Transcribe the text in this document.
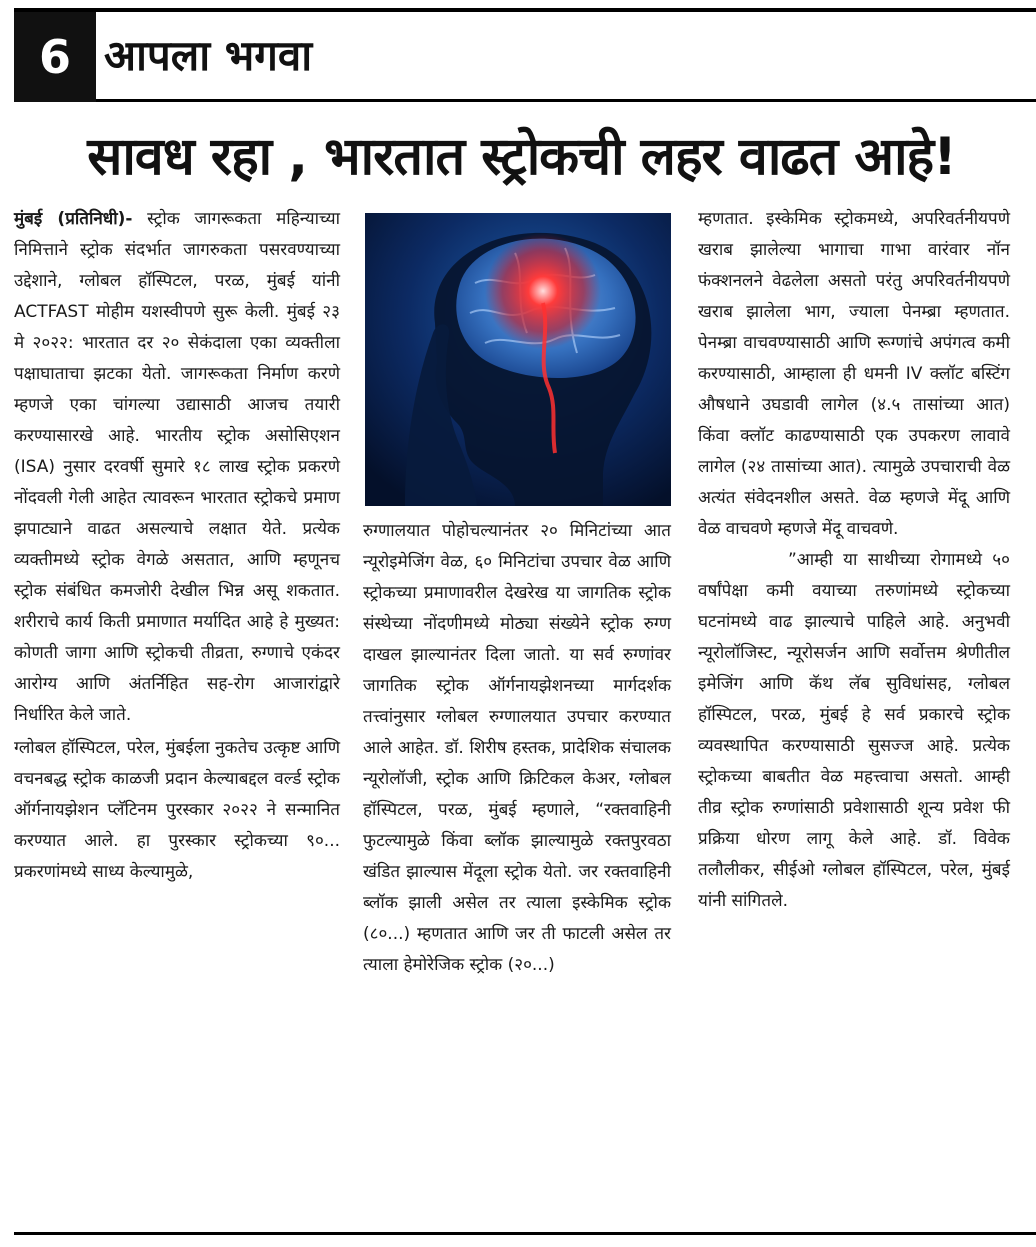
6 आपला भगवा
सावध रहा , भारतात स्ट्रोकची लहर वाढत आहे!

मुंबई (प्रतिनिधी)- स्ट्रोक जागरूकता महिन्याच्या निमित्ताने स्ट्रोक संदर्भात जागरुकता पसरवण्याच्या उद्देशाने, ग्लोबल हॉस्पिटल, परळ, मुंबई यांनी ACTFAST मोहीम यशस्वीपणे सुरू केली. मुंबई २३ मे २०२२: भारतात दर २० सेकंदाला एका व्यक्तीला पक्षाघाताचा झटका येतो. जागरूकता निर्माण करणे म्हणजे एका चांगल्या उद्यासाठी आजच तयारी करण्यासारखे आहे. भारतीय स्ट्रोक असोसिएशन (ISA) नुसार दरवर्षी सुमारे १८ लाख स्ट्रोक प्रकरणे नोंदवली गेली आहेत त्यावरून भारतात स्ट्रोकचे प्रमाण झपाट्याने वाढत असल्याचे लक्षात येते. प्रत्येक व्यक्तीमध्ये स्ट्रोक वेगळे असतात, आणि म्हणूनच स्ट्रोक संबंधित कमजोरी देखील भिन्न असू शकतात. शरीराचे कार्य किती प्रमाणात मर्यादित आहे हे मुख्यत: कोणती जागा आणि स्ट्रोकची तीव्रता, रुग्णाचे एकंदर आरोग्य आणि अंतर्निहित सह-रोग आजारांद्वारे निर्धारित केले जाते.

ग्लोबल हॉस्पिटल, परेल, मुंबईला नुकतेच उत्कृष्ट आणि वचनबद्ध स्ट्रोक काळजी प्रदान केल्याबद्दल वर्ल्ड स्ट्रोक ऑर्गनायझेशन प्लॅटिनम पुरस्कार २०२२ ने सन्मानित करण्यात आले. हा पुरस्कार स्ट्रोकच्या ९०... प्रकरणांमध्ये साध्य केल्यामुळे,

रुग्णालयात पोहोचल्यानंतर २० मिनिटांच्या आत न्यूरोइमेजिंग वेळ, ६० मिनिटांचा उपचार वेळ आणि स्ट्रोकच्या प्रमाणावरील देखरेख या जागतिक स्ट्रोक संस्थेच्या नोंदणीमध्ये मोठ्या संख्येने स्ट्रोक रुग्ण दाखल झाल्यानंतर दिला जातो. या सर्व रुग्णांवर जागतिक स्ट्रोक ऑर्गनायझेशनच्या मार्गदर्शक तत्त्वांनुसार ग्लोबल रुग्णालयात उपचार करण्यात आले आहेत. डॉ. शिरीष हस्तक, प्रादेशिक संचालक न्यूरोलॉजी, स्ट्रोक आणि क्रिटिकल केअर, ग्लोबल हॉस्पिटल, परळ, मुंबई म्हणाले, “रक्तवाहिनी फुटल्यामुळे किंवा ब्लॉक झाल्यामुळे रक्तपुरवठा खंडित झाल्यास मेंदूला स्ट्रोक येतो. जर रक्तवाहिनी ब्लॉक झाली असेल तर त्याला इस्केमिक स्ट्रोक (८०...) म्हणतात आणि जर ती फाटली असेल तर त्याला हेमोरेजिक स्ट्रोक (२०...)

म्हणतात. इस्केमिक स्ट्रोकमध्ये, अपरिवर्तनीयपणे खराब झालेल्या भागाचा गाभा वारंवार नॉन फंक्शनलने वेढलेला असतो परंतु अपरिवर्तनीयपणे खराब झालेला भाग, ज्याला पेनम्ब्रा म्हणतात. पेनम्ब्रा वाचवण्यासाठी आणि रूग्णांचे अपंगत्व कमी करण्यासाठी, आम्हाला ही धमनी IV क्लॉट बस्टिंग औषधाने उघडावी लागेल (४.५ तासांच्या आत) किंवा क्लॉट काढण्यासाठी एक उपकरण लावावे लागेल (२४ तासांच्या आत). त्यामुळे उपचाराची वेळ अत्यंत संवेदनशील असते. वेळ म्हणजे मेंदू आणि वेळ वाचवणे म्हणजे मेंदू वाचवणे.

”आम्ही या साथीच्या रोगामध्ये ५० वर्षांपेक्षा कमी वयाच्या तरुणांमध्ये स्ट्रोकच्या घटनांमध्ये वाढ झाल्याचे पाहिले आहे. अनुभवी न्यूरोलॉजिस्ट, न्यूरोसर्जन आणि सर्वोत्तम श्रेणीतील इमेजिंग आणि कॅथ लॅब सुविधांसह, ग्लोबल हॉस्पिटल, परळ, मुंबई हे सर्व प्रकारचे स्ट्रोक व्यवस्थापित करण्यासाठी सुसज्ज आहे. प्रत्येक स्ट्रोकच्या बाबतीत वेळ महत्त्वाचा असतो. आम्ही तीव्र स्ट्रोक रुग्णांसाठी प्रवेशासाठी शून्य प्रवेश फी प्रक्रिया धोरण लागू केले आहे. डॉ. विवेक तलौलीकर, सीईओ ग्लोबल हॉस्पिटल, परेल, मुंबई यांनी सांगितले.
